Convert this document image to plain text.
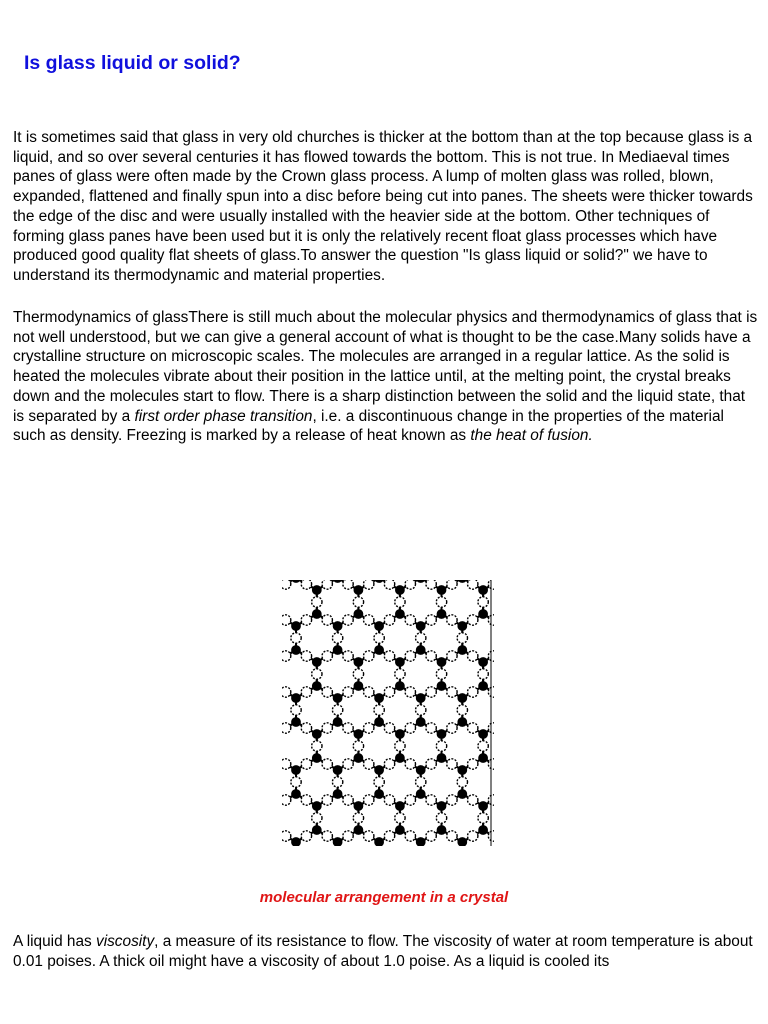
Is glass liquid or solid?

It is sometimes said that glass in very old churches is thicker at the bottom than at the top because glass is a liquid, and so over several centuries it has flowed towards the bottom. This is not true. In Mediaeval times panes of glass were often made by the Crown glass process. A lump of molten glass was rolled, blown, expanded, flattened and finally spun into a disc before being cut into panes. The sheets were thicker towards the edge of the disc and were usually installed with the heavier side at the bottom. Other techniques of forming glass panes have been used but it is only the relatively recent float glass processes which have produced good quality flat sheets of glass.To answer the question "Is glass liquid or solid?" we have to understand its thermodynamic and material properties.

Thermodynamics of glassThere is still much about the molecular physics and thermodynamics of glass that is not well understood, but we can give a general account of what is thought to be the case.Many solids have a crystalline structure on microscopic scales. The molecules are arranged in a regular lattice. As the solid is heated the molecules vibrate about their position in the lattice until, at the melting point, the crystal breaks down and the molecules start to flow. There is a sharp distinction between the solid and the liquid state, that is separated by a first order phase transition, i.e. a discontinuous change in the properties of the material such as density. Freezing is marked by a release of heat known as the heat of fusion.

molecular arrangement in a crystal

A liquid has viscosity, a measure of its resistance to flow. The viscosity of water at room temperature is about 0.01 poises. A thick oil might have a viscosity of about 1.0 poise. As a liquid is cooled its
